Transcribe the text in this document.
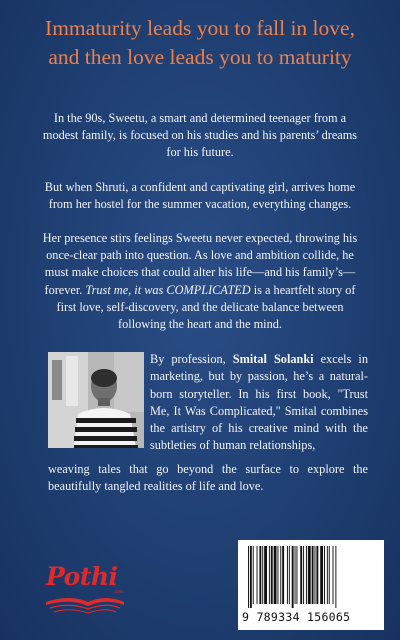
Immaturity leads you to fall in love,
and then love leads you to maturity

In the 90s, Sweetu, a smart and determined teenager from a modest family, is focused on his studies and his parents’ dreams for his future.

But when Shruti, a confident and captivating girl, arrives home from her hostel for the summer vacation, everything changes.

Her presence stirs feelings Sweetu never expected, throwing his once-clear path into question. As love and ambition collide, he must make choices that could alter his life—and his family’s—forever. Trust me, it was COMPLICATED is a heartfelt story of first love, self-discovery, and the delicate balance between following the heart and the mind.

By profession, Smital Solanki excels in marketing, but by passion, he’s a natural-born storyteller. In his first book, "Trust Me, It Was Complicated," Smital combines the artistry of his creative mind with the subtleties of human relationships,
weaving tales that go beyond the surface to explore the beautifully tangled realities of life and love.
Pothi
.com
9 789334 156065
